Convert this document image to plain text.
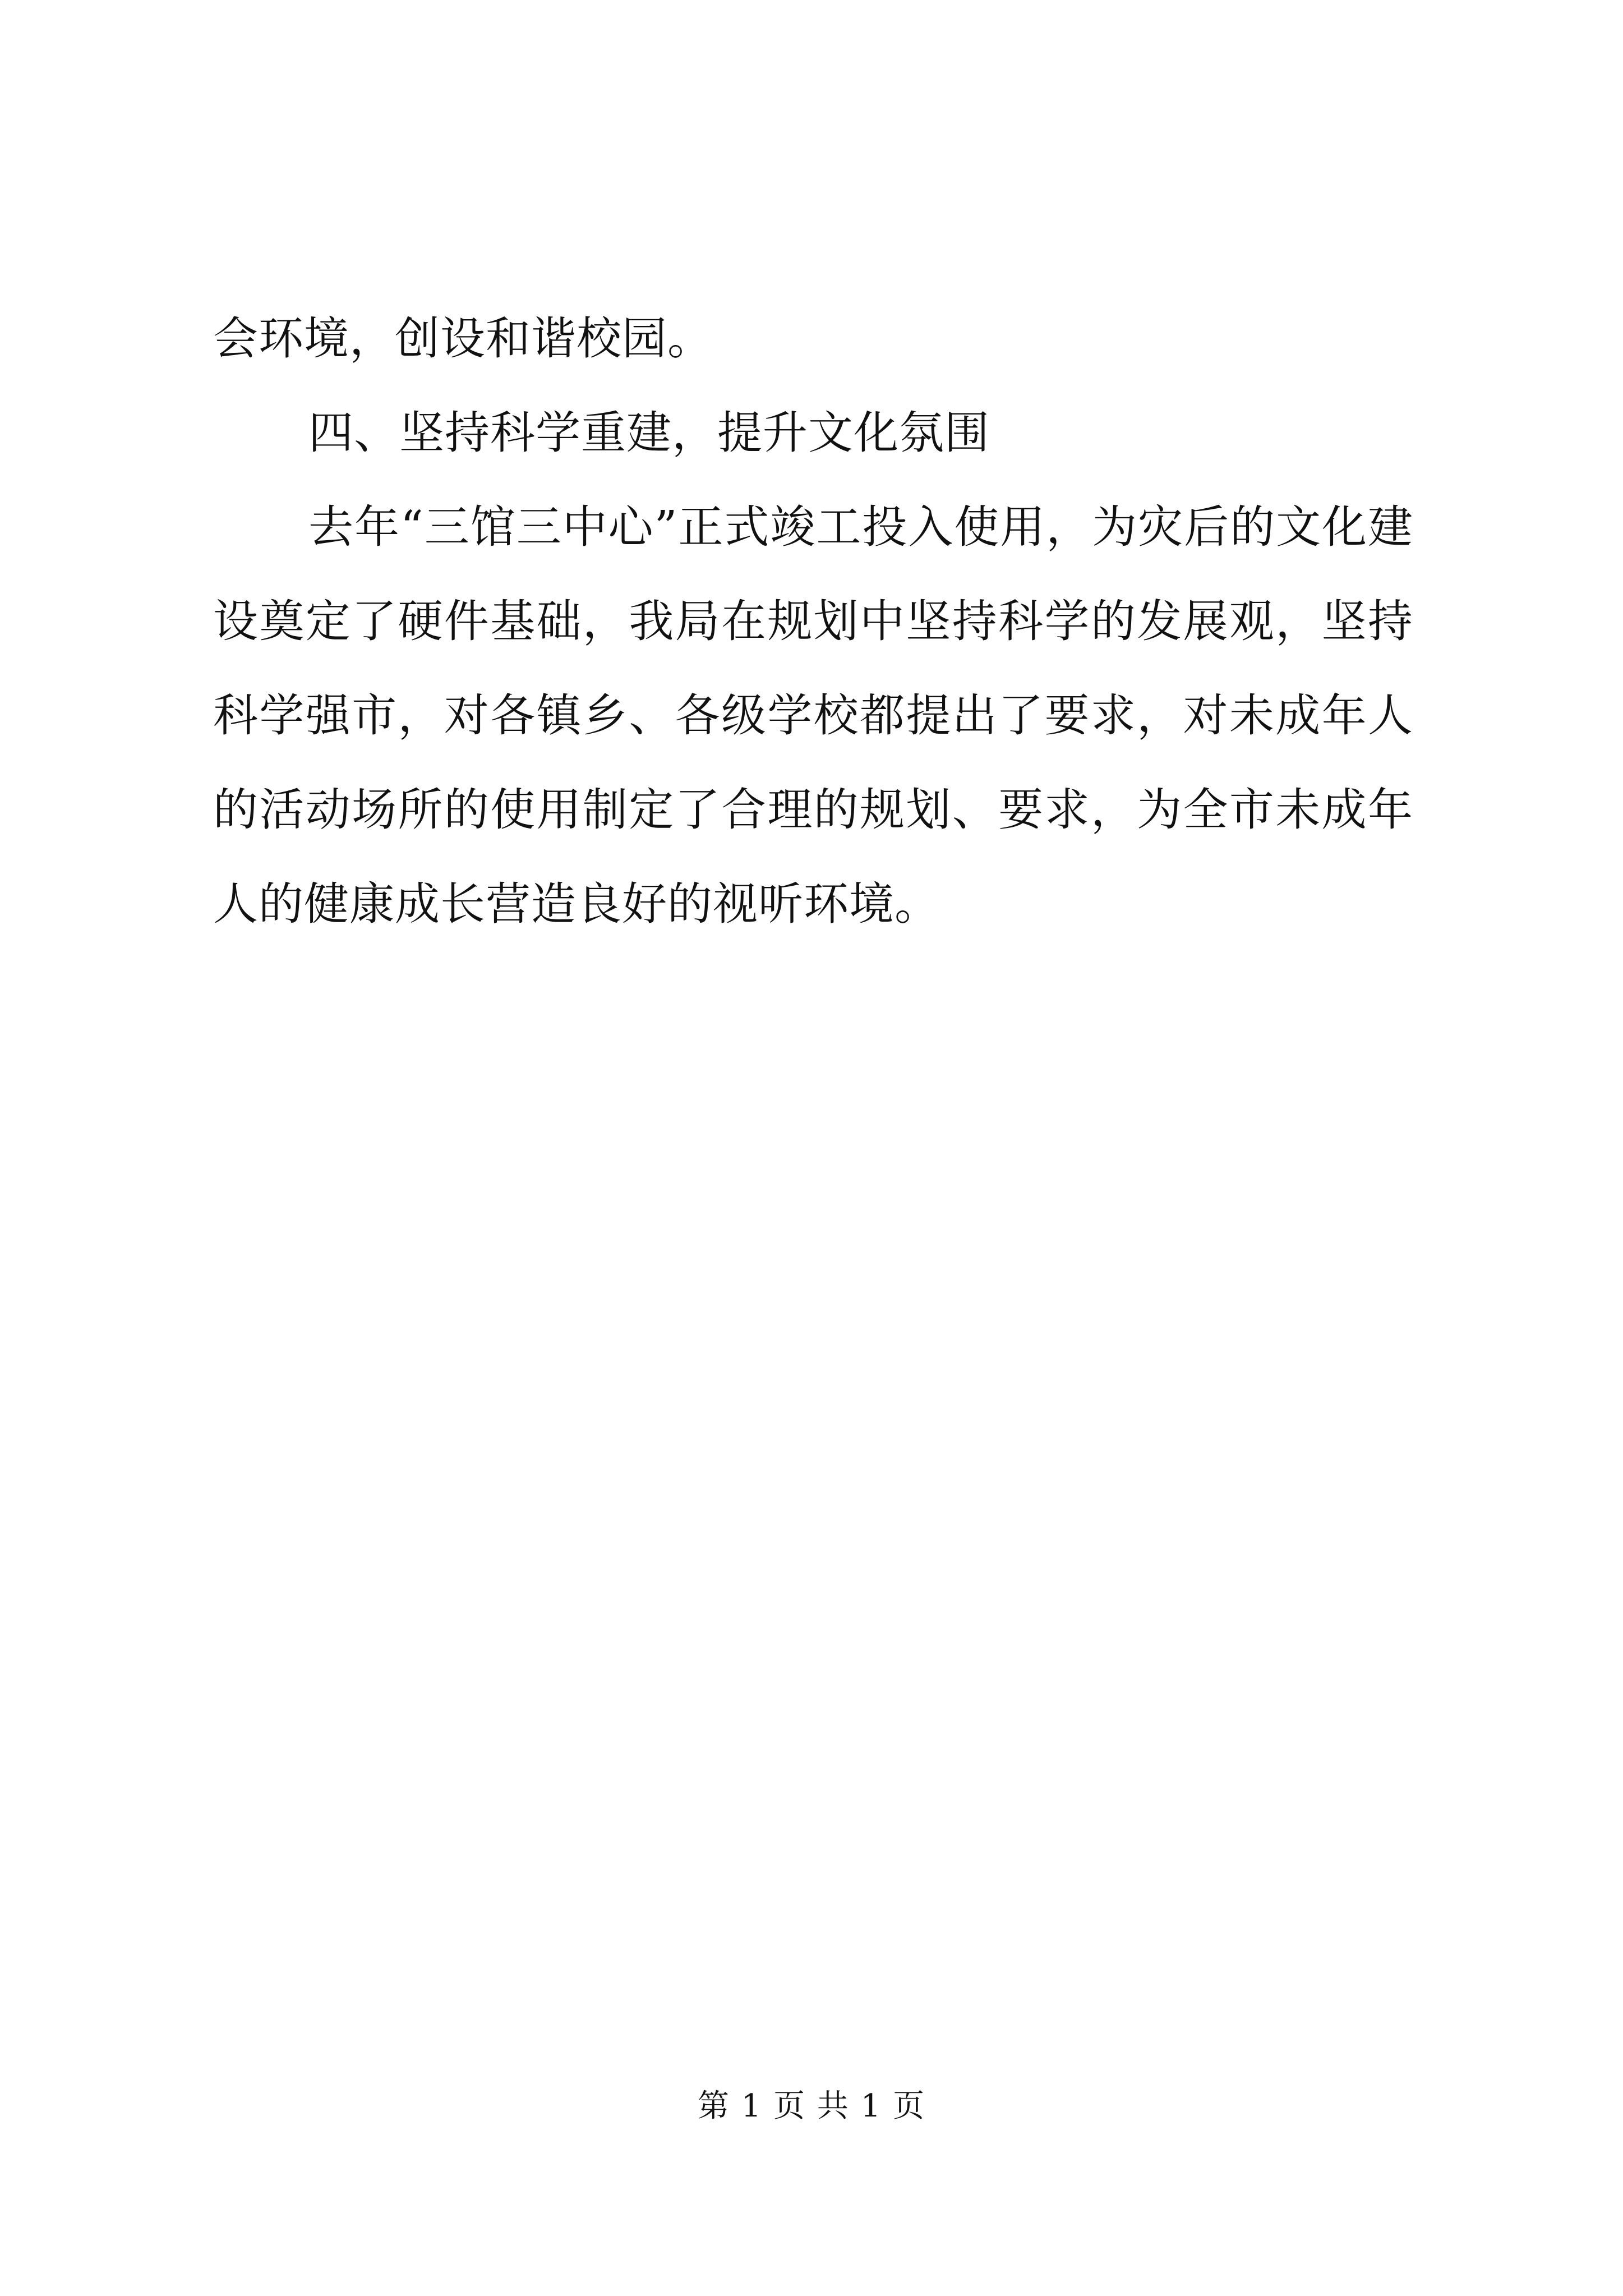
会环境，创设和谐校园。

四、坚持科学重建，提升文化氛围

去年“三馆三中心”正式竣工投入使用，为灾后的文化建设奠定了硬件基础，我局在规划中坚持科学的发展观，坚持科学强市，对各镇乡、各级学校都提出了要求，对未成年人的活动场所的使用制定了合理的规划、要求，为全市未成年人的健康成长营造良好的视听环境。

第 1 页 共 1 页
